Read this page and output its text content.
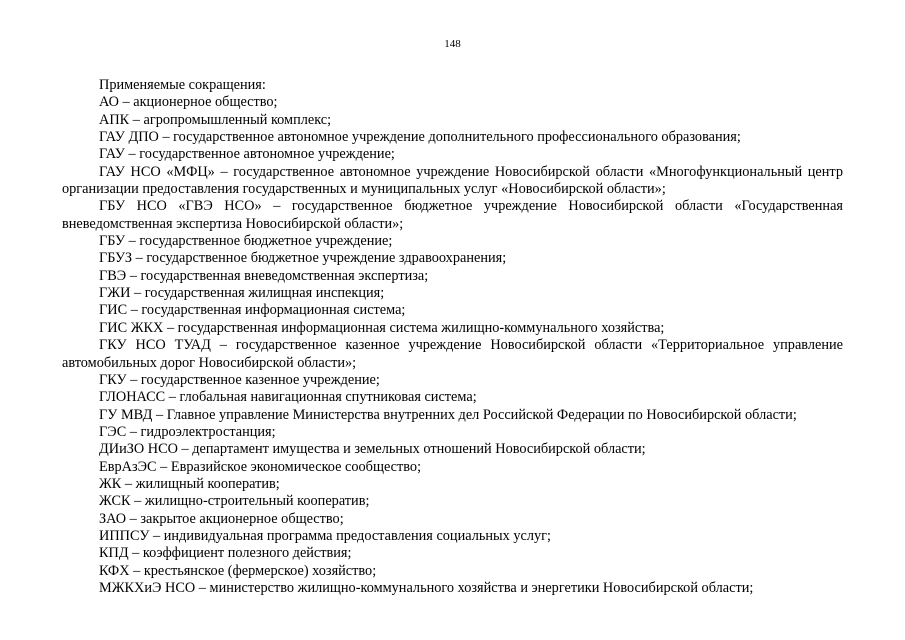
148

Применяемые сокращения:

АО – акционерное общество;

АПК – агропромышленный комплекс;

ГАУ ДПО – государственное автономное учреждение дополнительного профессионального образования;

ГАУ – государственное автономное учреждение;

ГАУ НСО «МФЦ» – государственное автономное учреждение Новосибирской области «Многофункциональный центр организации предоставления государственных и муниципальных услуг «Новосибирской области»;

ГБУ НСО «ГВЭ НСО» – государственное бюджетное учреждение Новосибирской области «Государственная вневедомственная экспертиза Новосибирской области»;

ГБУ – государственное бюджетное учреждение;

ГБУЗ – государственное бюджетное учреждение здравоохранения;

ГВЭ – государственная вневедомственная экспертиза;

ГЖИ – государственная жилищная инспекция;

ГИС – государственная информационная система;

ГИС ЖКХ – государственная информационная система жилищно-коммунального хозяйства;

ГКУ НСО ТУАД – государственное казенное учреждение Новосибирской области «Территориальное управление автомобильных дорог Новосибирской области»;

ГКУ – государственное казенное учреждение;

ГЛОНАСС – глобальная навигационная спутниковая система;

ГУ МВД – Главное управление Министерства внутренних дел Российской Федерации по Новосибирской области;

ГЭС – гидроэлектростанция;

ДИиЗО НСО – департамент имущества и земельных отношений Новосибирской области;

ЕврАзЭС – Евразийское экономическое сообщество;

ЖК – жилищный кооператив;

ЖСК – жилищно-строительный кооператив;

ЗАО – закрытое акционерное общество;

ИППСУ – индивидуальная программа предоставления социальных услуг;

КПД – коэффициент полезного действия;

КФХ – крестьянское (фермерское) хозяйство;

МЖКХиЭ НСО – министерство жилищно-коммунального хозяйства и энергетики Новосибирской области;
